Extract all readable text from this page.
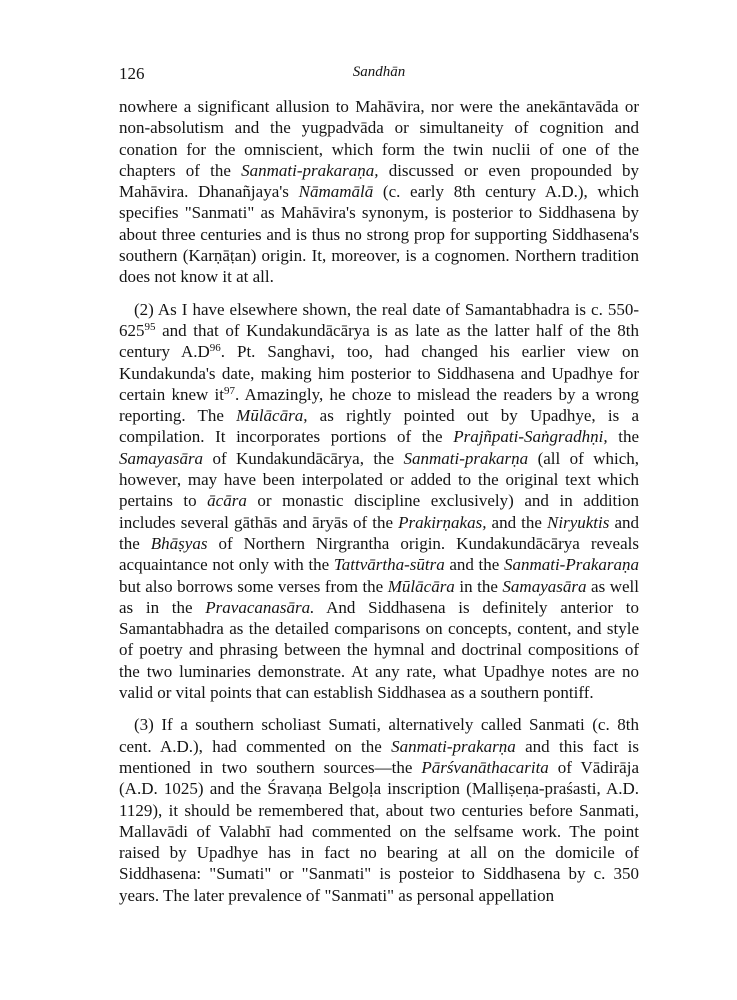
126	Sandhān

nowhere a significant allusion to Mahāvira, nor were the anekāntavāda or non-absolutism and the yugpadvāda or simultaneity of cognition and conation for the omniscient, which form the twin nuclii of one of the chapters of the Sanmati-prakaraṇa, discussed or even propounded by Mahāvira. Dhanañjaya's Nāmamālā (c. early 8th century A.D.), which specifies "Sanmati" as Mahāvira's synonym, is posterior to Siddhasena by about three centuries and is thus no strong prop for supporting Siddhasena's southern (Karṇāṭan) origin. It, moreover, is a cognomen. Northern tradition does not know it at all.

(2) As I have elsewhere shown, the real date of Samantabhadra is c. $550-625^{95}$ and that of Kundakundācārya is as late as the latter half of the 8th century $A.D^{96}$. Pt. Sanghavi, too, had changed his earlier view on Kundakunda's date, making him posterior to Siddhasena and Upadhye for certain knew $it^{97}$. Amazingly, he choze to mislead the readers by a wrong reporting. The Mūlācāra, as rightly pointed out by Upadhye, is a compilation. It incorporates portions of the Prajñpati-Saṅgradhṇi, the Samayasāra of Kundakundācārya, the Sanmati-prakarṇa (all of which, however, may have been interpolated or added to the original text which pertains to ācāra or monastic discipline exclusively) and in addition includes several gāthās and āryās of the Prakirṇakas, and the Niryuktis and the Bhāṣyas of Northern Nirgrantha origin. Kundakundācārya reveals acquaintance not only with the Tattvārtha-sūtra and the Sanmati-Prakaraṇa but also borrows some verses from the Mūlācāra in the Samayasāra as well as in the Pravacanasāra. And Siddhasena is definitely anterior to Samantabhadra as the detailed comparisons on concepts, content, and style of poetry and phrasing between the hymnal and doctrinal compositions of the two luminaries demonstrate. At any rate, what Upadhye notes are no valid or vital points that can establish Siddhasea as a southern pontiff.

(3) If a southern scholiast Sumati, alternatively called Sanmati (c. 8th cent. A.D.), had commented on the Sanmati-prakarṇa and this fact is mentioned in two southern sources—the Pārśvanāthacarita of Vādirāja (A.D. 1025) and the Śravaṇa Belgoḷa inscription (Malliṣeṇa-praśasti, A.D. 1129), it should be remembered that, about two centuries before Sanmati, Mallavādi of Valabhī had commented on the selfsame work. The point raised by Upadhye has in fact no bearing at all on the domicile of Siddhasena: "Sumati" or "Sanmati" is posteior to Siddhasena by c. 350 years. The later prevalence of "Sanmati" as personal appellation
